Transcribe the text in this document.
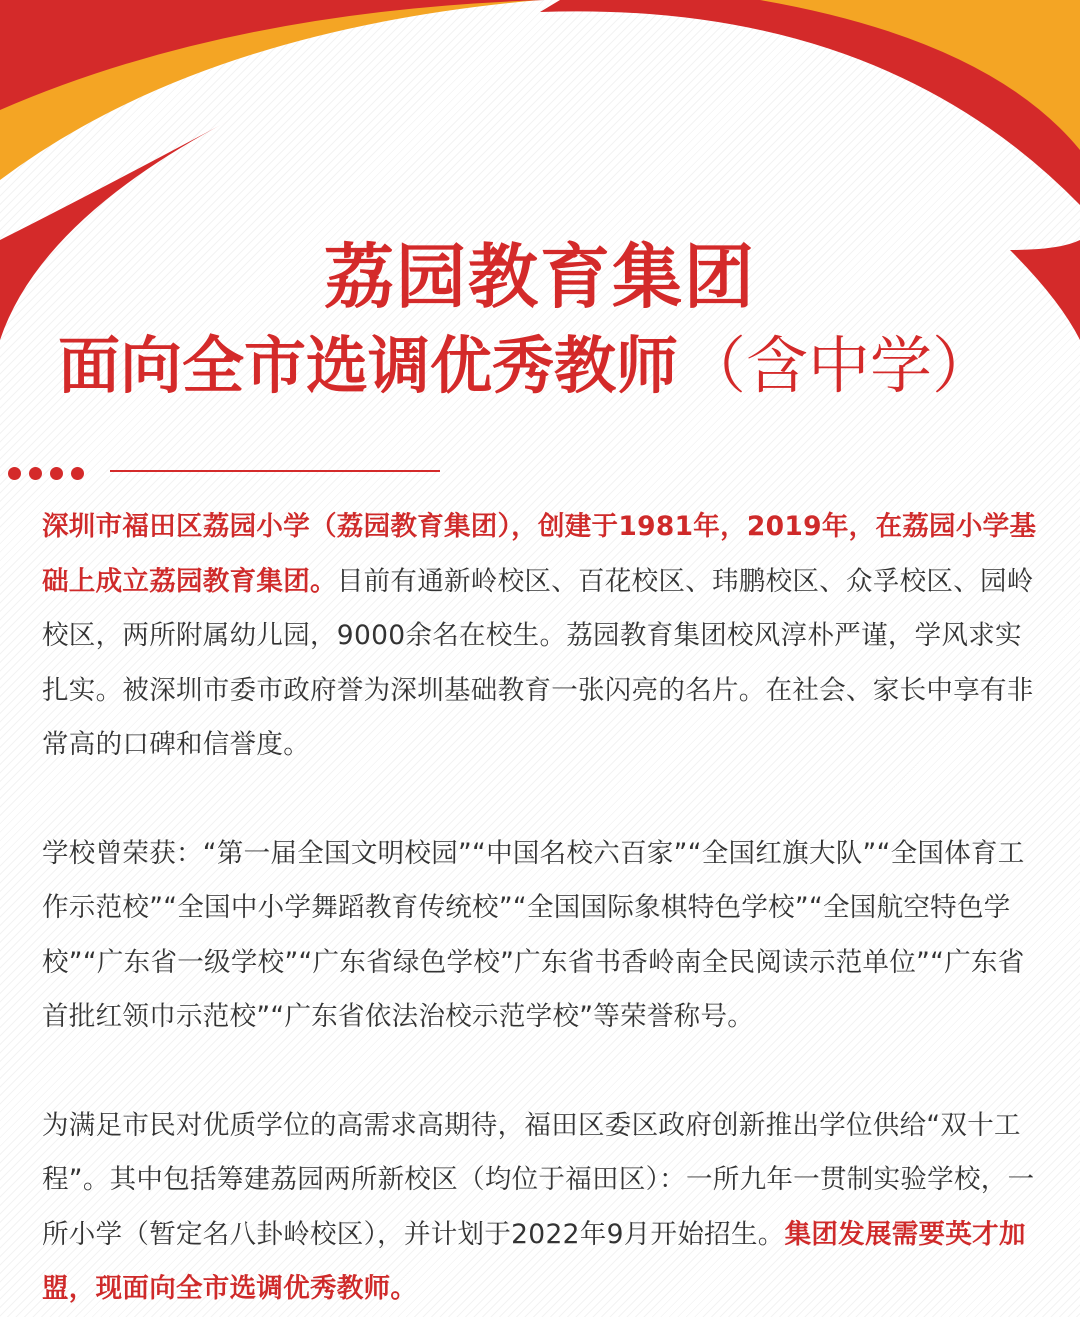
荔园教育集团
面向全市选调优秀教师（含中学）

深圳市福田区荔园小学（荔园教育集团），创建于1981年，2019年，在荔园小学基础上成立荔园教育集团。目前有通新岭校区、百花校区、玮鹏校区、众孚校区、园岭校区，两所附属幼儿园，9000余名在校生。荔园教育集团校风淳朴严谨，学风求实扎实。被深圳市委市政府誉为深圳基础教育一张闪亮的名片。在社会、家长中享有非常高的口碑和信誉度。

学校曾荣获：“第一届全国文明校园”“中国名校六百家”“全国红旗大队”“全国体育工作示范校”“全国中小学舞蹈教育传统校”“全国国际象棋特色学校”“全国航空特色学校”“广东省一级学校”“广东省绿色学校”广东省书香岭南全民阅读示范单位”“广东省首批红领巾示范校”“广东省依法治校示范学校”等荣誉称号。

为满足市民对优质学位的高需求高期待，福田区委区政府创新推出学位供给“双十工程”。其中包括筹建荔园两所新校区（均位于福田区）：一所九年一贯制实验学校，一所小学（暂定名八卦岭校区），并计划于2022年9月开始招生。集团发展需要英才加盟，现面向全市选调优秀教师。
